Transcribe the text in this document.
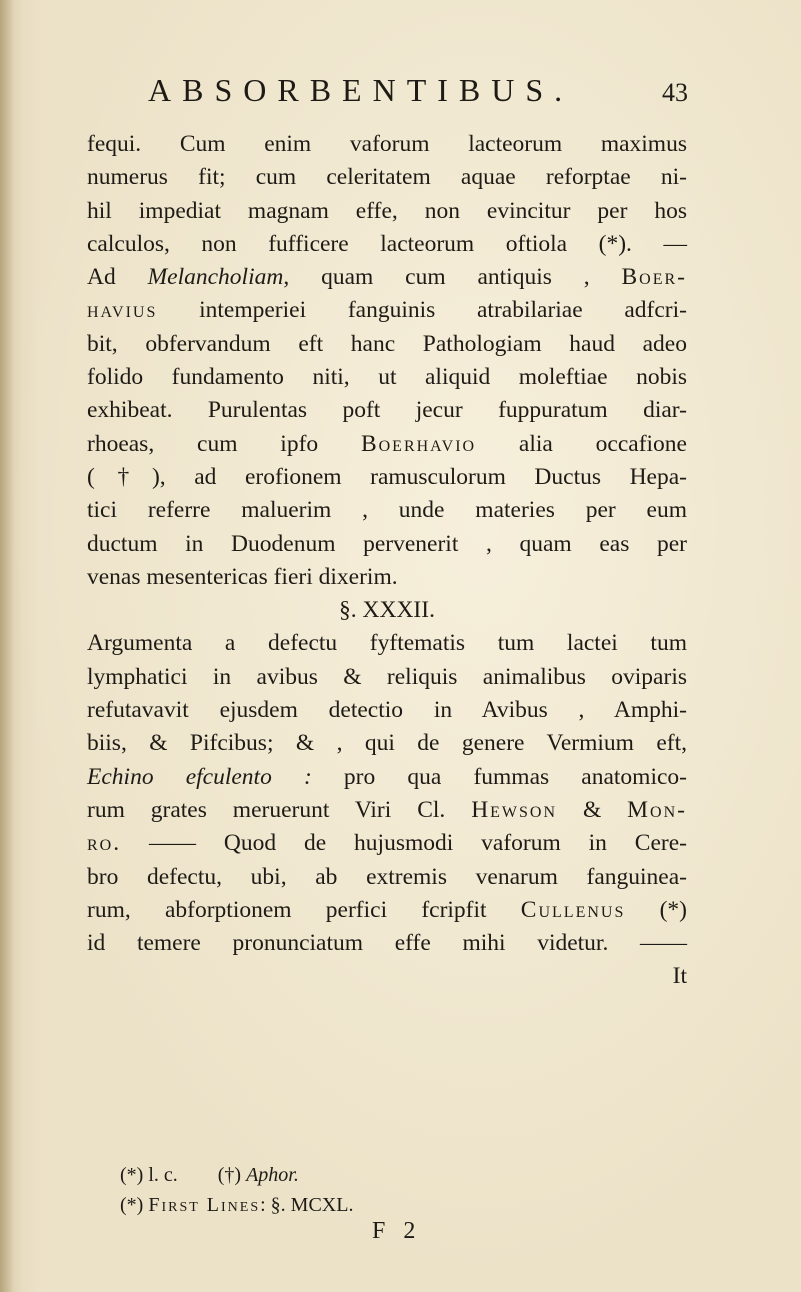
ABSORBENTIBUS.	43
fequi. Cum enim vaforum lacteorum maximus
numerus fit; cum celeritatem aquae reforptae ni-
hil impediat magnam effe, non evincitur per hos
calculos, non fufficere lacteorum oftiola (*). —
Ad Melancholiam, quam cum antiquis , Boer-
havius intemperiei fanguinis atrabilariae adfcri-
bit, obfervandum eft hanc Pathologiam haud adeo
folido fundamento niti, ut aliquid moleftiae nobis
exhibeat. Purulentas poft jecur fuppuratum diar-
rhoeas, cum ipfo Boerhavio alia occafione
(†), ad erofionem ramusculorum Ductus Hepa-
tici referre maluerim , unde materies per eum
ductum in Duodenum pervenerit , quam eas per
venas mesentericas fieri dixerim.
§. XXXII.
Argumenta a defectu fyftematis tum lactei tum
lymphatici in avibus & reliquis animalibus oviparis
refutavavit ejusdem detectio in Avibus , Amphi-
biis, & Pifcibus; & , qui de genere Vermium eft,
Echino efculento : pro qua fummas anatomico-
rum grates meruerunt Viri Cl. Hewson & Mon-
ro. —— Quod de hujusmodi vaforum in Cere-
bro defectu, ubi, ab extremis venarum fanguinea-
rum, abforptionem perfici fcripfit Cullenus (*)
id temere pronunciatum effe mihi videtur. ——
It
(*) l. c. (†) Aphor.
(*) First Lines: §. MCXL.
F 2
